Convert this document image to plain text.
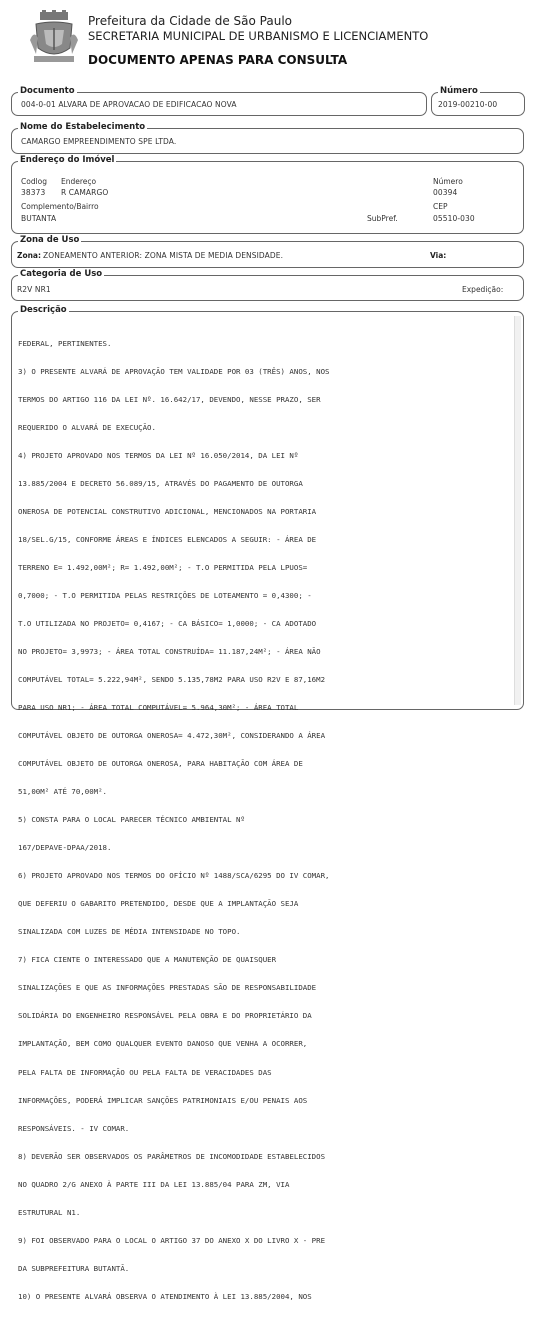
Prefeitura da Cidade de São Paulo
SECRETARIA MUNICIPAL DE URBANISMO E LICENCIAMENTO
DOCUMENTO APENAS PARA CONSULTA
Documento
004-0-01 ALVARA DE APROVACAO DE EDIFICACAO NOVA
Número
2019-00210-00
Nome do Estabelecimento
CAMARGO EMPREENDIMENTO SPE LTDA.
Endereço do Imóvel
Codlog
38373
Endereço
R CAMARGO
Número
00394
Complemento/Bairro
BUTANTA	SubPref.
CEP
05510-030
Zona de Uso
Zona: ZONEAMENTO ANTERIOR: ZONA MISTA DE MEDIA DENSIDADE.	Via:
Categoria de Uso
R2V NR1	Expedição:
Descrição

FEDERAL, PERTINENTES.

3) O PRESENTE ALVARÁ DE APROVAÇÃO TEM VALIDADE POR 03 (TRÊS) ANOS, NOS

TERMOS DO ARTIGO 116 DA LEI Nº. 16.642/17, DEVENDO, NESSE PRAZO, SER

REQUERIDO O ALVARÁ DE EXECUÇÃO.

4) PROJETO APROVADO NOS TERMOS DA LEI Nº 16.050/2014, DA LEI Nº

13.885/2004 E DECRETO 56.089/15, ATRAVÉS DO PAGAMENTO DE OUTORGA

ONEROSA DE POTENCIAL CONSTRUTIVO ADICIONAL, MENCIONADOS NA PORTARIA

18/SEL.G/15, CONFORME ÁREAS E ÍNDICES ELENCADOS A SEGUIR: - ÁREA DE

TERRENO E= 1.492,00M²; R= 1.492,00M²; - T.O PERMITIDA PELA LPUOS=

0,7000; - T.O PERMITIDA PELAS RESTRIÇÕES DE LOTEAMENTO = 0,4300; -

T.O UTILIZADA NO PROJETO= 0,4167; - CA BÁSICO= 1,0000; - CA ADOTADO

NO PROJETO= 3,9973; - ÁREA TOTAL CONSTRUÍDA= 11.187,24M²; - ÁREA NÃO

COMPUTÁVEL TOTAL= 5.222,94M², SENDO 5.135,78M2 PARA USO R2V E 87,16M2

PARA USO NR1; - ÁREA TOTAL COMPUTÁVEL= 5.964,30M²; - ÁREA TOTAL

COMPUTÁVEL OBJETO DE OUTORGA ONEROSA= 4.472,30M², CONSIDERANDO A ÁREA

COMPUTÁVEL OBJETO DE OUTORGA ONEROSA, PARA HABITAÇÃO COM ÁREA DE

51,00M² ATÉ 70,00M².

5) CONSTA PARA O LOCAL PARECER TÉCNICO AMBIENTAL Nº

167/DEPAVE-DPAA/2018.

6) PROJETO APROVADO NOS TERMOS DO OFÍCIO Nº 1488/SCA/6295 DO IV COMAR,

QUE DEFERIU O GABARITO PRETENDIDO, DESDE QUE A IMPLANTAÇÃO SEJA

SINALIZADA COM LUZES DE MÉDIA INTENSIDADE NO TOPO.

7) FICA CIENTE O INTERESSADO QUE A MANUTENÇÃO DE QUAISQUER

SINALIZAÇÕES E QUE AS INFORMAÇÕES PRESTADAS SÃO DE RESPONSABILIDADE

SOLIDÁRIA DO ENGENHEIRO RESPONSÁVEL PELA OBRA E DO PROPRIETÁRIO DA

IMPLANTAÇÃO, BEM COMO QUALQUER EVENTO DANOSO QUE VENHA A OCORRER,

PELA FALTA DE INFORMAÇÃO OU PELA FALTA DE VERACIDADES DAS

INFORMAÇÕES, PODERÁ IMPLICAR SANÇÕES PATRIMONIAIS E/OU PENAIS AOS

RESPONSÁVEIS. - IV COMAR.

8) DEVERÃO SER OBSERVADOS OS PARÂMETROS DE INCOMODIDADE ESTABELECIDOS

NO QUADRO 2/G ANEXO À PARTE III DA LEI 13.885/04 PARA ZM, VIA

ESTRUTURAL N1.

9) FOI OBSERVADO PARA O LOCAL O ARTIGO 37 DO ANEXO X DO LIVRO X - PRE

DA SUBPREFEITURA BUTANTÃ.

10) O PRESENTE ALVARÁ OBSERVA O ATENDIMENTO À LEI 13.885/2004, NOS
